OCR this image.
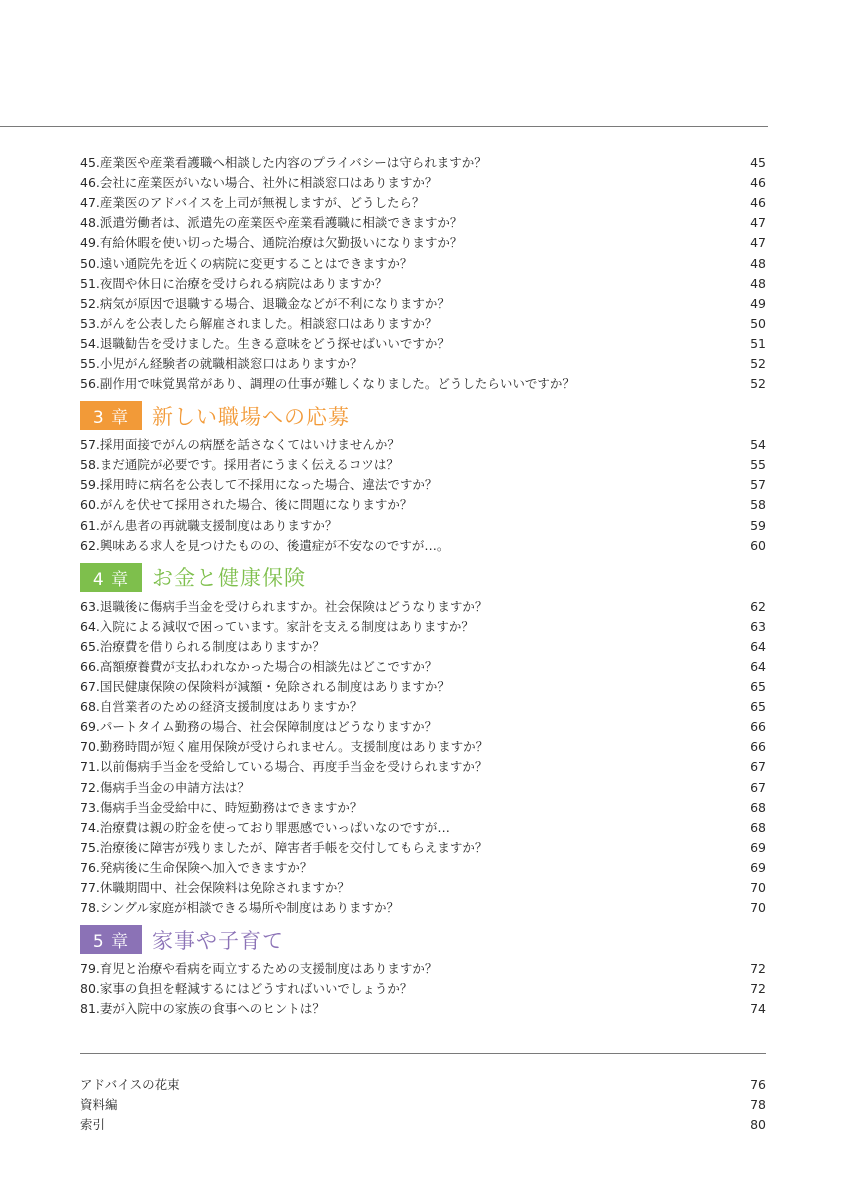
45.産業医や産業看護職へ相談した内容のプライバシーは守られますか？	45
46.会社に産業医がいない場合、社外に相談窓口はありますか？	46
47.産業医のアドバイスを上司が無視しますが、どうしたら？	46
48.派遣労働者は、派遣先の産業医や産業看護職に相談できますか？	47
49.有給休暇を使い切った場合、通院治療は欠勤扱いになりますか？	47
50.遠い通院先を近くの病院に変更することはできますか？	48
51.夜間や休日に治療を受けられる病院はありますか？	48
52.病気が原因で退職する場合、退職金などが不利になりますか？	49
53.がんを公表したら解雇されました。相談窓口はありますか？	50
54.退職勧告を受けました。生きる意味をどう探せばいいですか？	51
55.小児がん経験者の就職相談窓口はありますか？	52
56.副作用で味覚異常があり、調理の仕事が難しくなりました。どうしたらいいですか？	52
3 章	新しい職場への応募
57.採用面接でがんの病歴を話さなくてはいけませんか？	54
58.まだ通院が必要です。採用者にうまく伝えるコツは？	55
59.採用時に病名を公表して不採用になった場合、違法ですか？	57
60.がんを伏せて採用された場合、後に問題になりますか？	58
61.がん患者の再就職支援制度はありますか？	59
62.興味ある求人を見つけたものの、後遺症が不安なのですが…。	60
4 章	お金と健康保険
63.退職後に傷病手当金を受けられますか。社会保険はどうなりますか？	62
64.入院による減収で困っています。家計を支える制度はありますか？	63
65.治療費を借りられる制度はありますか？	64
66.高額療養費が支払われなかった場合の相談先はどこですか？	64
67.国民健康保険の保険料が減額・免除される制度はありますか？	65
68.自営業者のための経済支援制度はありますか？	65
69.パートタイム勤務の場合、社会保障制度はどうなりますか？	66
70.勤務時間が短く雇用保険が受けられません。支援制度はありますか？	66
71.以前傷病手当金を受給している場合、再度手当金を受けられますか？	67
72.傷病手当金の申請方法は？	67
73.傷病手当金受給中に、時短勤務はできますか？	68
74.治療費は親の貯金を使っており罪悪感でいっぱいなのですが…	68
75.治療後に障害が残りましたが、障害者手帳を交付してもらえますか？	69
76.発病後に生命保険へ加入できますか？	69
77.休職期間中、社会保険料は免除されますか？	70
78.シングル家庭が相談できる場所や制度はありますか？	70
5 章	家事や子育て
79.育児と治療や看病を両立するための支援制度はありますか？	72
80.家事の負担を軽減するにはどうすればいいでしょうか？	72
81.妻が入院中の家族の食事へのヒントは？	74
アドバイスの花束	76
資料編	78
索引	80
